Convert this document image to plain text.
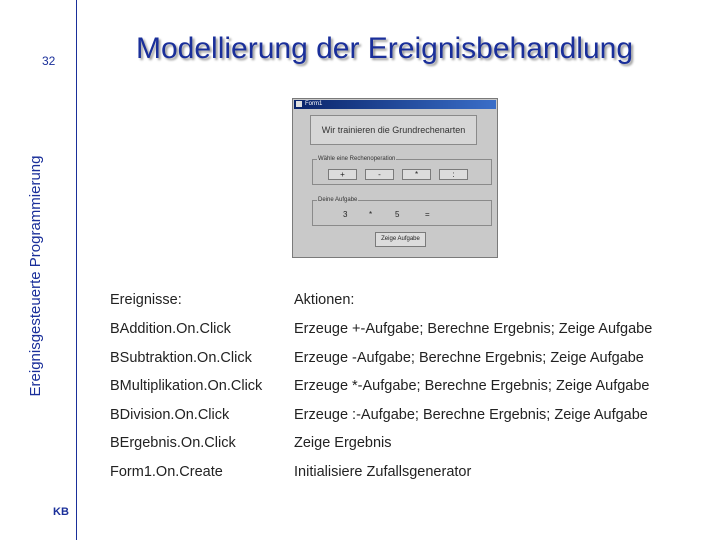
32
Ereignisgesteuerte Programmierung
KB
Modellierung der Ereignisbehandlung
Form1
Wir trainieren die Grundrechenarten
Wähle eine Rechenoperation
+	-	*	:
Deine Aufgabe
3	*	5	=
Zeige Aufgabe
Ereignisse:	Aktionen:
BAddition.On.Click	Erzeuge +-Aufgabe; Berechne Ergebnis; Zeige Aufgabe
BSubtraktion.On.Click	Erzeuge -Aufgabe; Berechne Ergebnis; Zeige Aufgabe
BMultiplikation.On.Click Erzeuge *-Aufgabe; Berechne Ergebnis; Zeige Aufgabe
BDivision.On.Click	Erzeuge :-Aufgabe; Berechne Ergebnis; Zeige Aufgabe
BErgebnis.On.Click	Zeige Ergebnis
Form1.On.Create	Initialisiere Zufallsgenerator
